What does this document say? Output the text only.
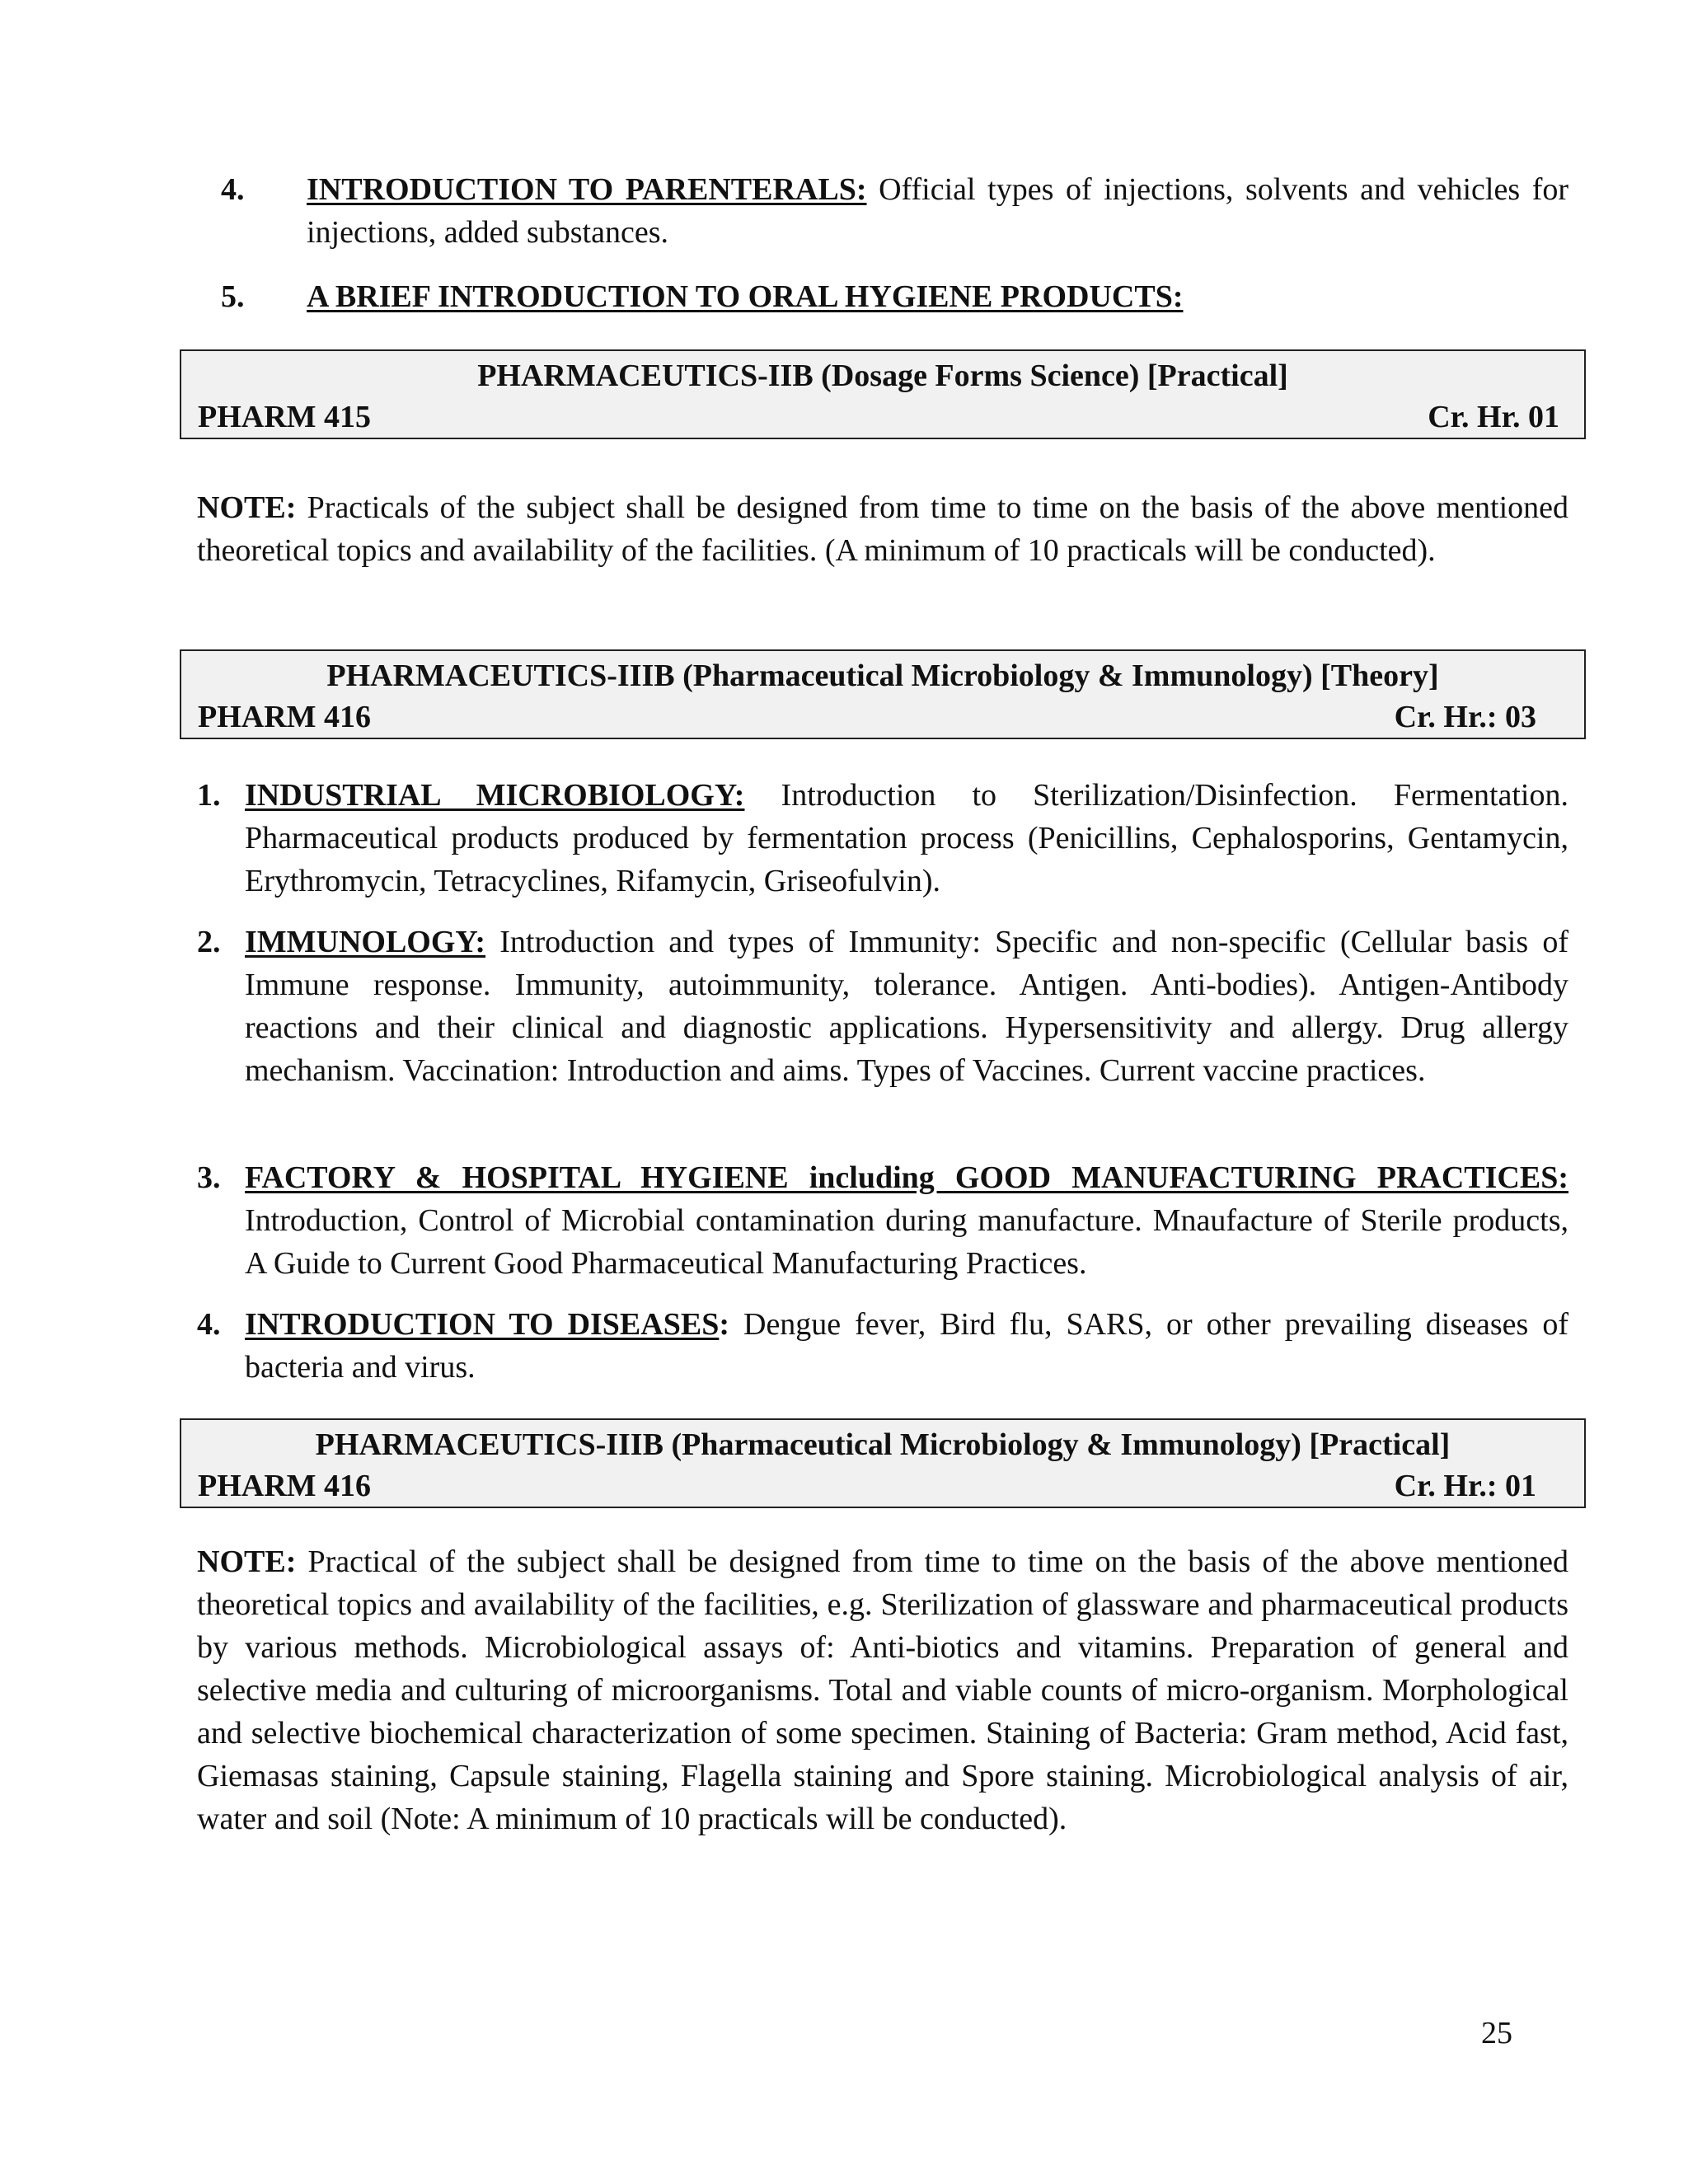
4. INTRODUCTION TO PARENTERALS: Official types of injections, solvents and vehicles for injections, added substances.
5. A BRIEF INTRODUCTION TO ORAL HYGIENE PRODUCTS:
PHARMACEUTICS-IIB (Dosage Forms Science) [Practical]
PHARM 415	Cr. Hr. 01
NOTE: Practicals of the subject shall be designed from time to time on the basis of the above mentioned theoretical topics and availability of the facilities. (A minimum of 10 practicals will be conducted).
PHARMACEUTICS-IIIB (Pharmaceutical Microbiology & Immunology) [Theory]
PHARM 416	Cr. Hr.: 03
1. INDUSTRIAL MICROBIOLOGY: Introduction to Sterilization/Disinfection. Fermentation. Pharmaceutical products produced by fermentation process (Penicillins, Cephalosporins, Gentamycin, Erythromycin, Tetracyclines, Rifamycin, Griseofulvin).
2. IMMUNOLOGY: Introduction and types of Immunity: Specific and non-specific (Cellular basis of Immune response. Immunity, autoimmunity, tolerance. Antigen. Anti-bodies). Antigen-Antibody reactions and their clinical and diagnostic applications. Hypersensitivity and allergy. Drug allergy mechanism. Vaccination: Introduction and aims. Types of Vaccines. Current vaccine practices.
3. FACTORY & HOSPITAL HYGIENE including GOOD MANUFACTURING PRACTICES: Introduction, Control of Microbial contamination during manufacture. Mnaufacture of Sterile products, A Guide to Current Good Pharmaceutical Manufacturing Practices.
4. INTRODUCTION TO DISEASES: Dengue fever, Bird flu, SARS, or other prevailing diseases of bacteria and virus.
PHARMACEUTICS-IIIB (Pharmaceutical Microbiology & Immunology) [Practical]
PHARM 416	Cr. Hr.: 01
NOTE: Practical of the subject shall be designed from time to time on the basis of the above mentioned theoretical topics and availability of the facilities, e.g. Sterilization of glassware and pharmaceutical products by various methods. Microbiological assays of: Anti-biotics and vitamins. Preparation of general and selective media and culturing of microorganisms. Total and viable counts of micro-organism. Morphological and selective biochemical characterization of some specimen. Staining of Bacteria: Gram method, Acid fast, Giemasas staining, Capsule staining, Flagella staining and Spore staining. Microbiological analysis of air, water and soil (Note: A minimum of 10 practicals will be conducted).
25
